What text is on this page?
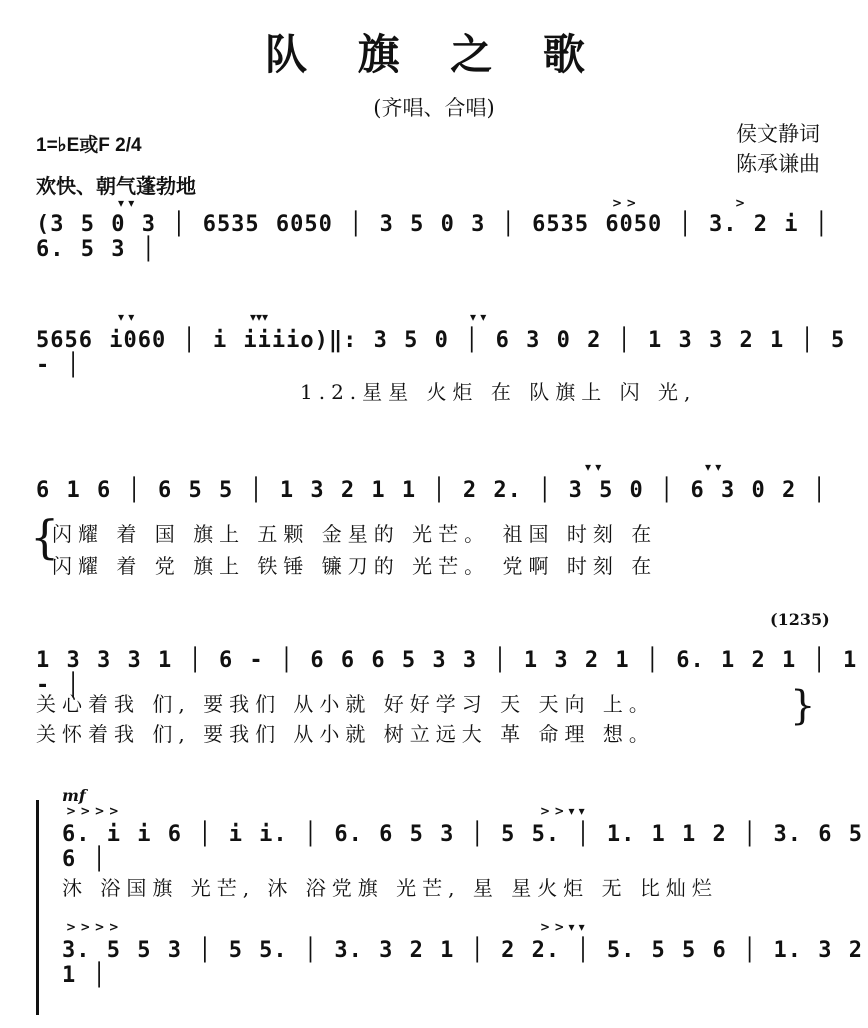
队 旗 之 歌
(齐唱、合唱)
1=♭E或F 2/4
欢快、朝气蓬勃地
侯文静词
陈承谦曲
▾ ▾	> >	>
(3 5 0 3 │ 6535 6050 │ 3 5 0 3 │ 6535 6050 │ 3. 2 i │ 6. 5 3 │
▾ ▾	▾▾▾	▾ ▾
5656 i060 │ i iiiio)‖: 3 5 0 │ 6 3 0 2 │ 1 3 3 2 1 │ 5 - │
1.2.星星 火炬 在 队旗上 闪 光,
▾ ▾	▾ ▾
6 1 6 │ 6 5 5 │ 1 3 2 1 1 │ 2 2. │ 3 5 0 │ 6 3 0 2 │
{
闪耀 着 国 旗上 五颗 金星的 光芒。 祖国 时刻 在
闪耀 着 党 旗上 铁锤 镰刀的 光芒。 党啊 时刻 在
(1235)
1 3 3 3 1 │ 6 - │ 6 6 6 5 3 3 │ 1 3 2 1 │ 6. 1 2 1 │ 1 - │
关心着我 们, 要我们 从小就 好好学习 天 天向 上。
关怀着我 们, 要我们 从小就 树立远大 革 命理 想。
}
mf
> > > >	> > ▾ ▾
6. i i 6 │ i i. │ 6. 6 5 3 │ 5 5. │ 1. 1 1 2 │ 3. 6 5 6 │
沐 浴国旗 光芒, 沐 浴党旗 光芒, 星 星火炬 无 比灿烂
> > > >	> > ▾ ▾
3. 5 5 3 │ 5 5. │ 3. 3 2 1 │ 2 2. │ 5. 5 5 6 │ 1. 3 2 1 │
